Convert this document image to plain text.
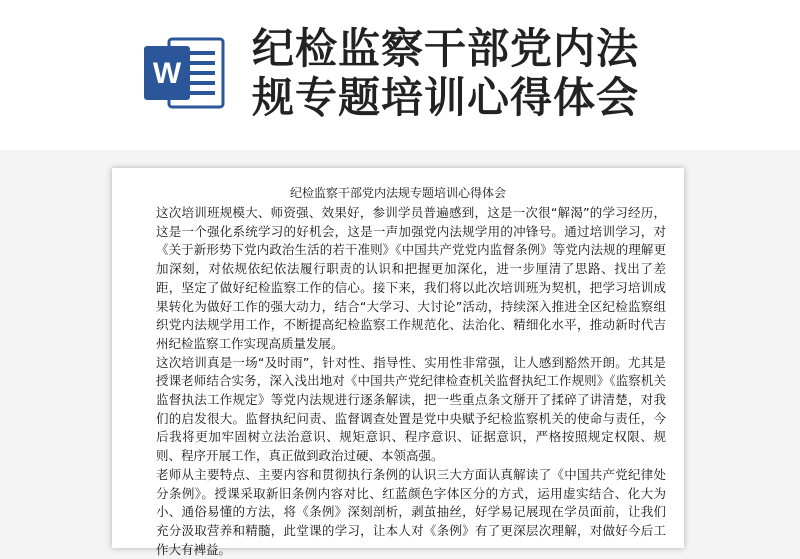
W
纪检监察干部党内法
规专题培训心得体会
纪检监察干部党内法规专题培训心得体会

这次培训班规模大、师资强、效果好，参训学员普遍感到，这是一次很“解渴”的学习经历，这是一个强化系统学习的好机会，这是一声加强党内法规学用的冲锋号。通过培训学习，对《关于新形势下党内政治生活的若干准则》《中国共产党党内监督条例》等党内法规的理解更加深刻，对依规依纪依法履行职责的认识和把握更加深化，进一步厘清了思路、找出了差距，坚定了做好纪检监察工作的信心。接下来，我们将以此次培训班为契机，把学习培训成果转化为做好工作的强大动力，结合“大学习、大讨论”活动，持续深入推进全区纪检监察组织党内法规学用工作，不断提高纪检监察工作规范化、法治化、精细化水平，推动新时代吉州纪检监察工作实现高质量发展。

这次培训真是一场“及时雨”，针对性、指导性、实用性非常强，让人感到豁然开朗。尤其是授课老师结合实务，深入浅出地对《中国共产党纪律检查机关监督执纪工作规则》《监察机关监督执法工作规定》等党内法规进行逐条解读，把一些重点条文掰开了揉碎了讲清楚，对我们的启发很大。监督执纪问责、监督调查处置是党中央赋予纪检监察机关的使命与责任，今后我将更加牢固树立法治意识、规矩意识、程序意识、证据意识，严格按照规定权限、规则、程序开展工作，真正做到政治过硬、本领高强。

老师从主要特点、主要内容和贯彻执行条例的认识三大方面认真解读了《中国共产党纪律处分条例》。授课采取新旧条例内容对比、红蓝颜色字体区分的方式，运用虚实结合、化大为小、通俗易懂的方法，将《条例》深刻剖析，剥茧抽丝，好学易记展现在学员面前，让我们充分汲取营养和精髓，此堂课的学习，让本人对《条例》有了更深层次理解，对做好今后工作大有裨益。
